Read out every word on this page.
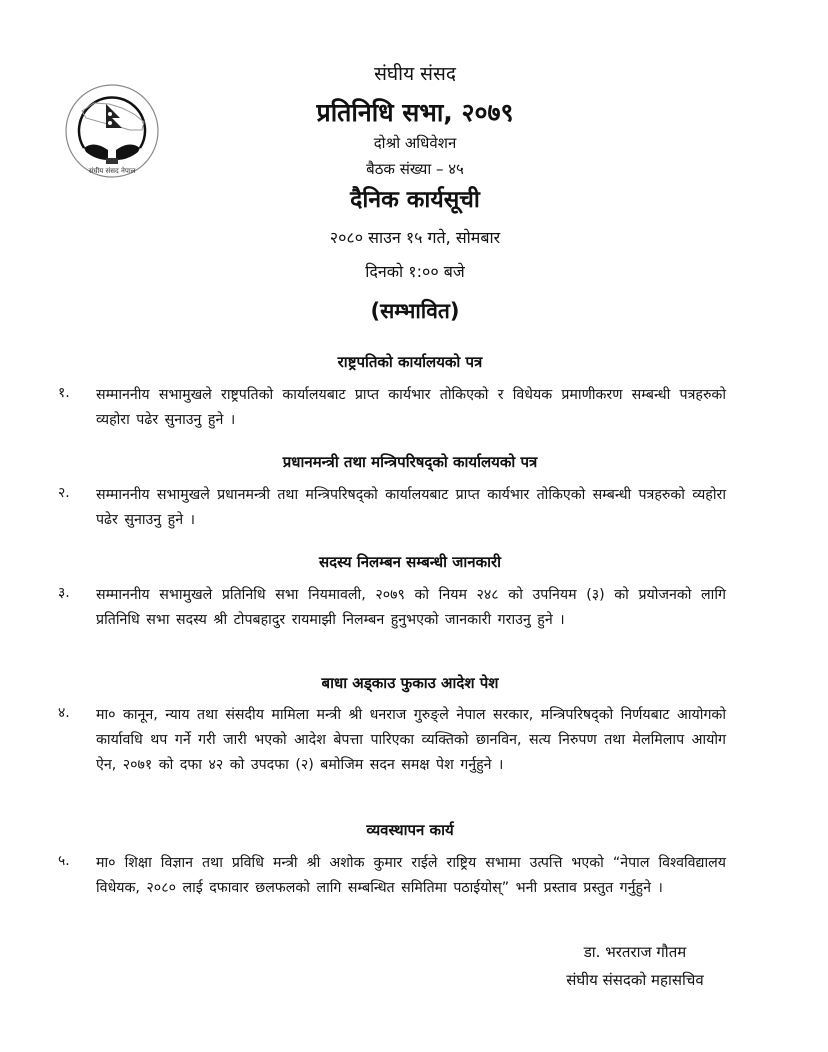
संघीय संसद नेपाल
संघीय संसद
प्रतिनिधि सभा, २०७९
दोश्रो अधिवेशन
बैठक संख्या – ४५
दैनिक कार्यसूची
२०८० साउन १५ गते, सोमबार
दिनको १:०० बजे
(सम्भावित)
राष्ट्रपतिको कार्यालयको पत्र
१. सम्माननीय सभामुखले राष्ट्रपतिको कार्यालयबाट प्राप्त कार्यभार तोकिएको र विधेयक प्रमाणीकरण सम्बन्धी पत्रहरुको व्यहोरा पढेर सुनाउनु हुने ।
प्रधानमन्त्री तथा मन्त्रिपरिषद्‌को कार्यालयको पत्र
२. सम्माननीय सभामुखले प्रधानमन्त्री तथा मन्त्रिपरिषद्को कार्यालयबाट प्राप्त कार्यभार तोकिएको सम्बन्धी पत्रहरुको व्यहोरा पढेर सुनाउनु हुने ।
सदस्य निलम्बन सम्बन्धी जानकारी
३. सम्माननीय सभामुखले प्रतिनिधि सभा नियमावली, २०७९ को नियम २४८ को उपनियम (३) को प्रयोजनको लागि प्रतिनिधि सभा सदस्य श्री टोपबहादुर रायमाझी निलम्बन हुनुभएको जानकारी गराउनु हुने ।
बाधा अड्काउ फुकाउ आदेश पेश
४. मा० कानून, न्याय तथा संसदीय मामिला मन्त्री श्री धनराज गुरुङ्ले नेपाल सरकार, मन्त्रिपरिषद्को निर्णयबाट आयोगको कार्यावधि थप गर्ने गरी जारी भएको आदेश बेपत्ता पारिएका व्यक्तिको छानविन, सत्य निरुपण तथा मेलमिलाप आयोग ऐन, २०७१ को दफा ४२ को उपदफा (२) बमोजिम सदन समक्ष पेश गर्नुहुने ।
व्यवस्थापन कार्य
५. मा० शिक्षा विज्ञान तथा प्रविधि मन्त्री श्री अशोक कुमार राईले राष्ट्रिय सभामा उत्पत्ति भएको “नेपाल विश्वविद्यालय विधेयक, २०८० लाई दफावार छलफलको लागि सम्बन्धित समितिमा पठाईयोस्” भनी प्रस्ताव प्रस्तुत गर्नुहुने ।
डा. भरतराज गौतम
संघीय संसदको महासचिव
